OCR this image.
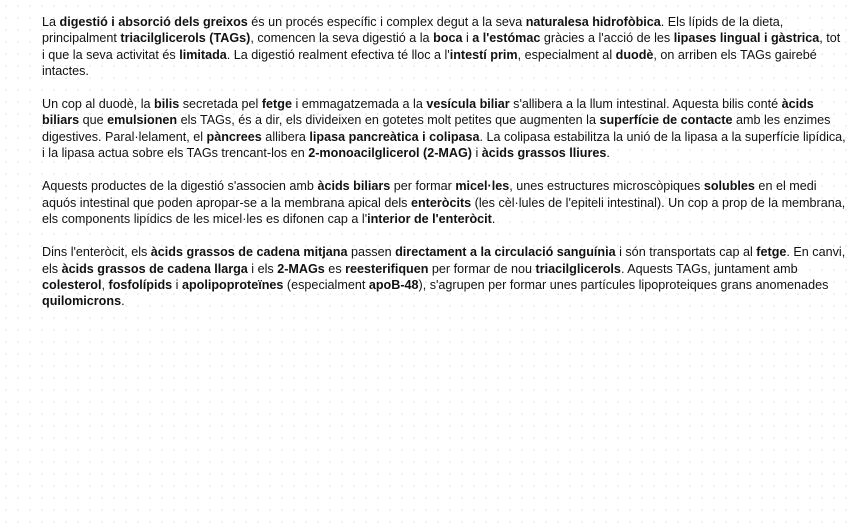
La digestió i absorció dels greixos és un procés específic i complex degut a la seva naturalesa hidrofòbica. Els lípids de la dieta, principalment triacilglicerols (TAGs), comencen la seva digestió a la boca i a l'estómac gràcies a l'acció de les lipases lingual i gàstrica, tot i que la seva activitat és limitada. La digestió realment efectiva té lloc a l'intestí prim, especialment al duodè, on arriben els TAGs gairebé intactes.

Un cop al duodè, la bilis secretada pel fetge i emmagatzemada a la vesícula biliar s'allibera a la llum intestinal. Aquesta bilis conté àcids biliars que emulsionen els TAGs, és a dir, els divideixen en gotetes molt petites que augmenten la superfície de contacte amb les enzimes digestives. Paral·lelament, el pàncrees allibera lipasa pancreàtica i colipasa. La colipasa estabilitza la unió de la lipasa a la superfície lipídica, i la lipasa actua sobre els TAGs trencant-los en 2-monoacilglicerol (2-MAG) i àcids grassos lliures.

Aquests productes de la digestió s'associen amb àcids biliars per formar micel·les, unes estructures microscòpiques solubles en el medi aquós intestinal que poden apropar-se a la membrana apical dels enteròcits (les cèl·lules de l'epiteli intestinal). Un cop a prop de la membrana, els components lipídics de les micel·les es difonen cap a l'interior de l'enteròcit.

Dins l'enteròcit, els àcids grassos de cadena mitjana passen directament a la circulació sanguínia i són transportats cap al fetge. En canvi, els àcids grassos de cadena llarga i els 2-MAGs es reesterifiquen per formar de nou triacilglicerols. Aquests TAGs, juntament amb colesterol, fosfolípids i apolipoproteïnes (especialment apoB-48), s'agrupen per formar unes partícules lipoproteiques grans anomenades quilomicrons.
